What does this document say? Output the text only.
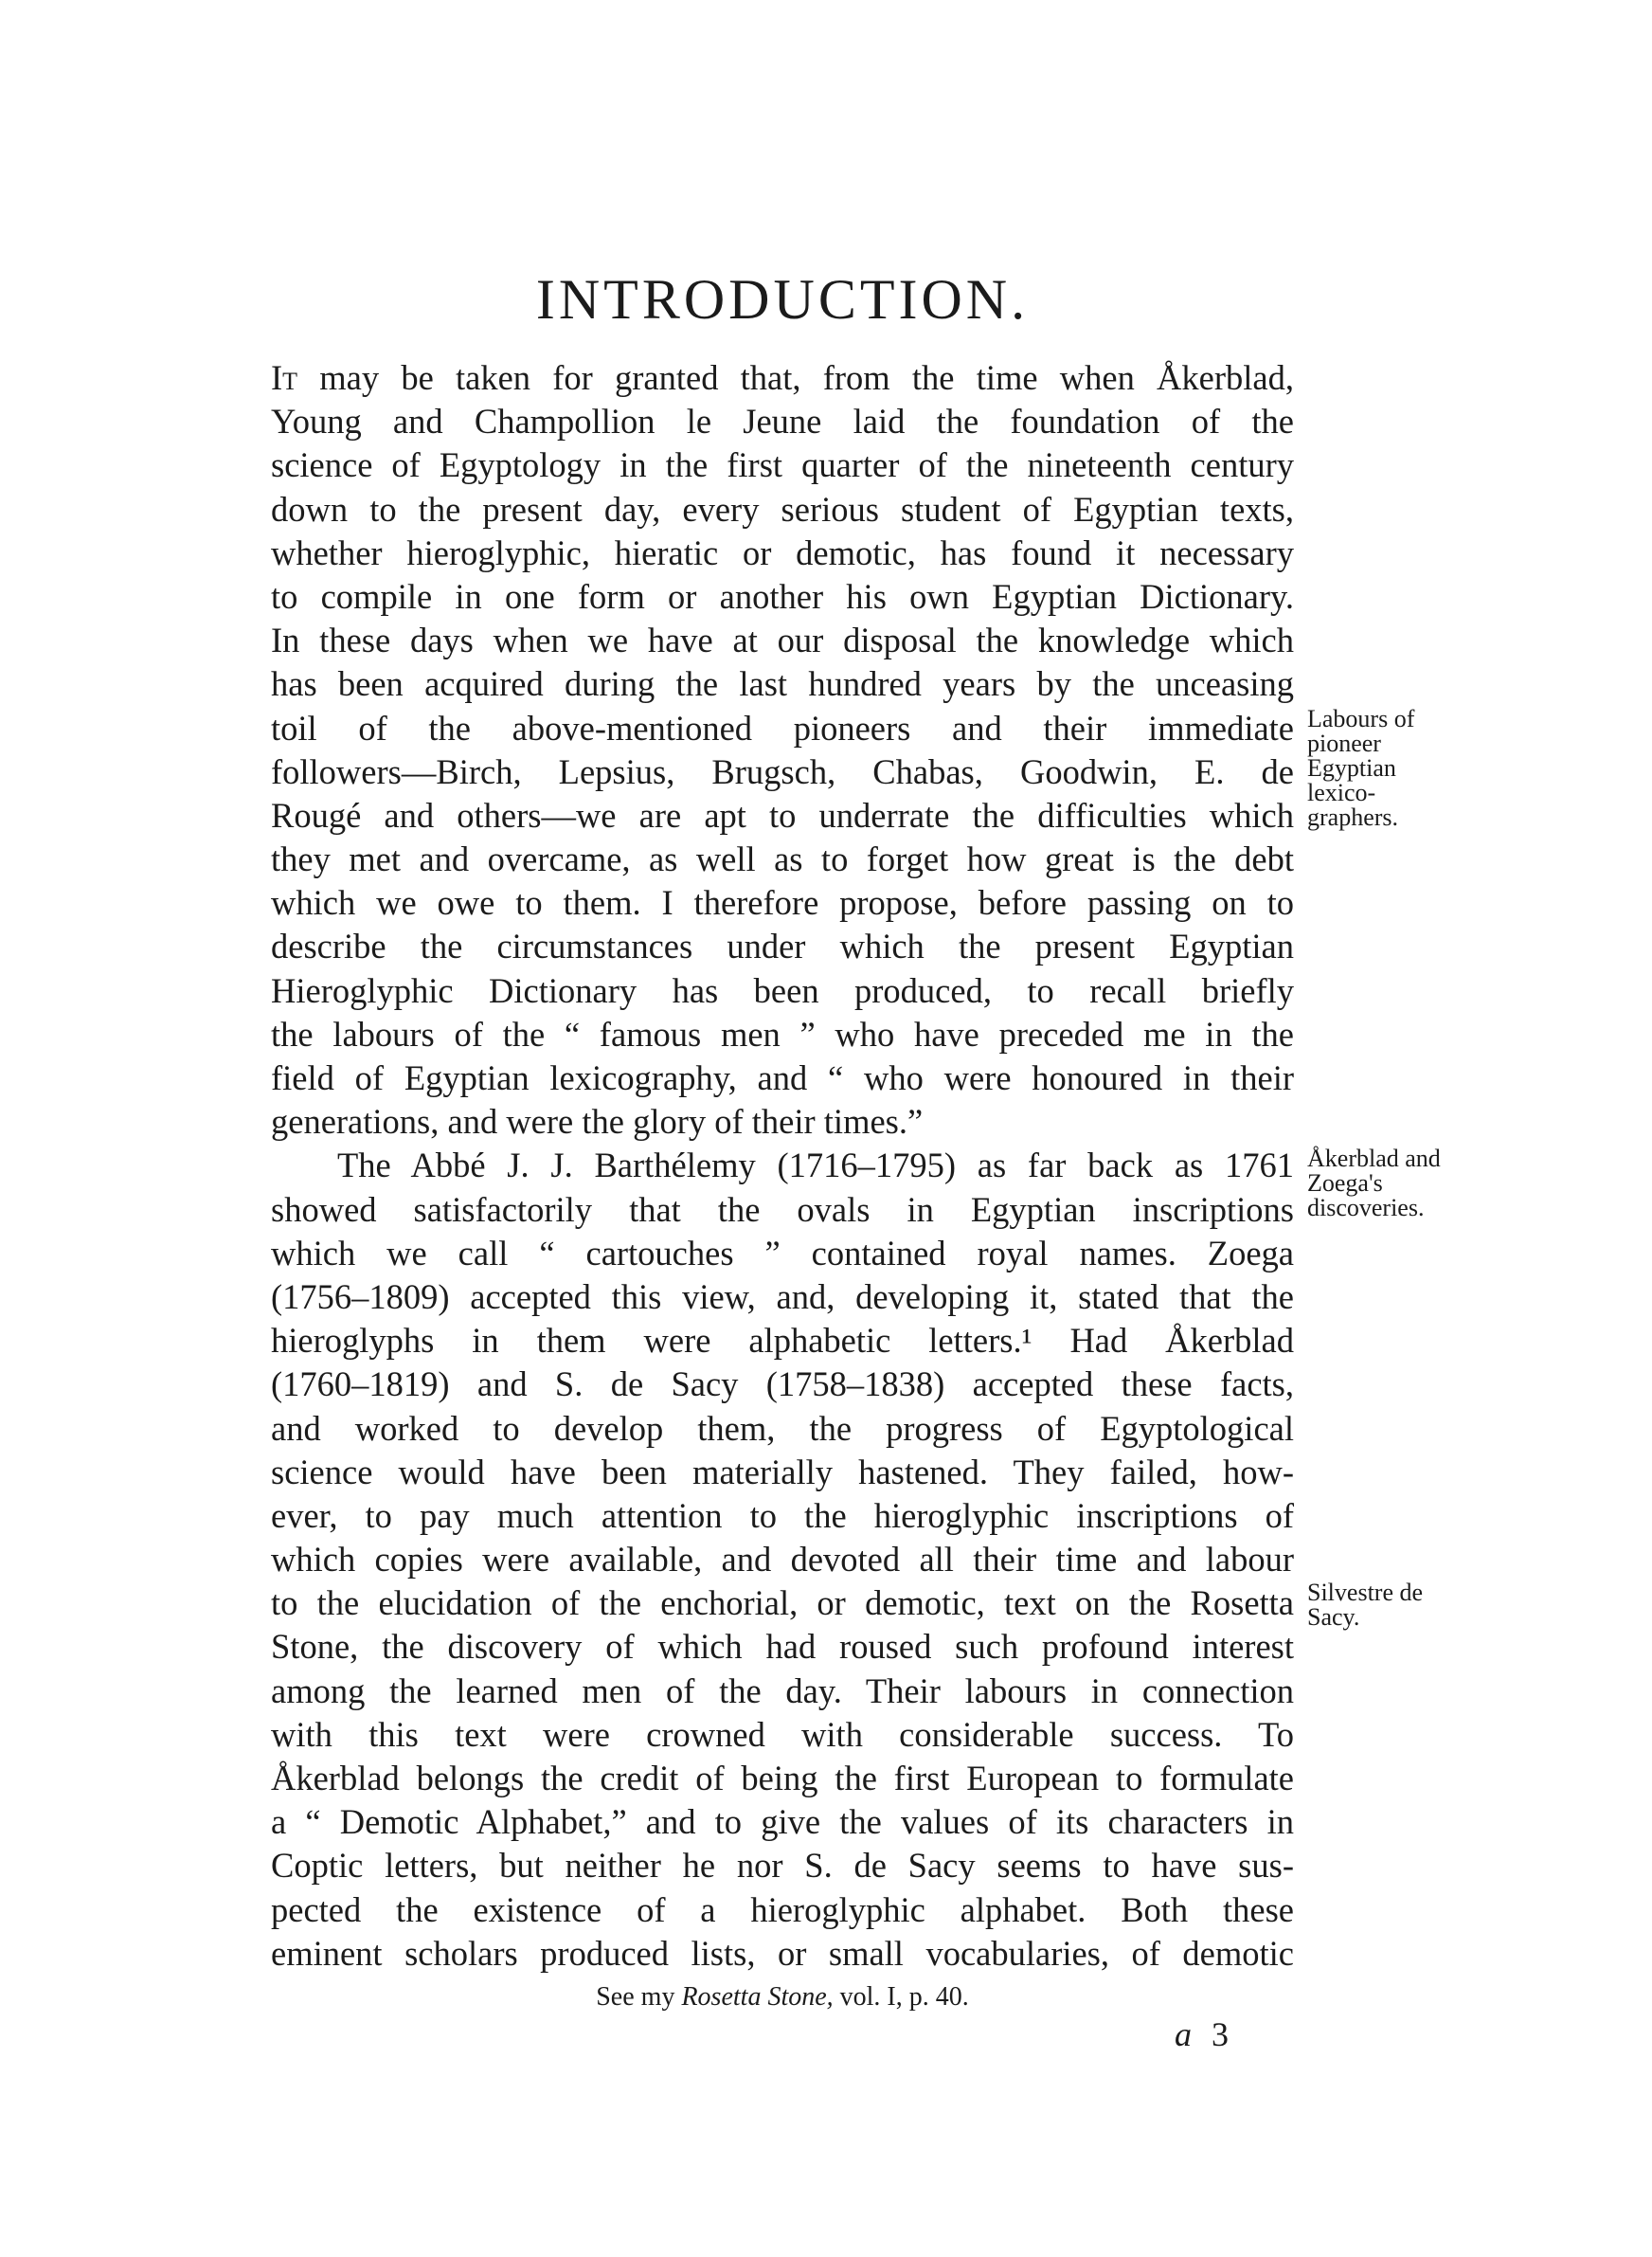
INTRODUCTION.
It may be taken for granted that, from the time when Åkerblad,
Young and Champollion le Jeune laid the foundation of the
science of Egyptology in the first quarter of the nineteenth century
down to the present day, every serious student of Egyptian texts,
whether hieroglyphic, hieratic or demotic, has found it necessary
to compile in one form or another his own Egyptian Dictionary.
In these days when we have at our disposal the knowledge which
has been acquired during the last hundred years by the unceasing
toil of the above-mentioned pioneers and their immediate
followers—Birch, Lepsius, Brugsch, Chabas, Goodwin, E. de
Rougé and others—we are apt to underrate the difficulties which
they met and overcame, as well as to forget how great is the debt
which we owe to them. I therefore propose, before passing on to
describe the circumstances under which the present Egyptian
Hieroglyphic Dictionary has been produced, to recall briefly
the labours of the “ famous men ” who have preceded me in the
field of Egyptian lexicography, and “ who were honoured in their
generations, and were the glory of their times.”
The Abbé J. J. Barthélemy (1716–1795) as far back as 1761
showed satisfactorily that the ovals in Egyptian inscriptions
which we call “ cartouches ” contained royal names. Zoega
(1756–1809) accepted this view, and, developing it, stated that the
hieroglyphs in them were alphabetic letters.¹ Had Åkerblad
(1760–1819) and S. de Sacy (1758–1838) accepted these facts,
and worked to develop them, the progress of Egyptological
science would have been materially hastened. They failed, how-
ever, to pay much attention to the hieroglyphic inscriptions of
which copies were available, and devoted all their time and labour
to the elucidation of the enchorial, or demotic, text on the Rosetta
Stone, the discovery of which had roused such profound interest
among the learned men of the day. Their labours in connection
with this text were crowned with considerable success. To
Åkerblad belongs the credit of being the first European to formulate
a “ Demotic Alphabet,” and to give the values of its characters in
Coptic letters, but neither he nor S. de Sacy seems to have sus-
pected the existence of a hieroglyphic alphabet. Both these
eminent scholars produced lists, or small vocabularies, of demotic
Labours of
pioneer
Egyptian
lexico-
graphers.
Åkerblad and
Zoega's
discoveries.
Silvestre de
Sacy.
See my Rosetta Stone, vol. I, p. 40.
a 3
